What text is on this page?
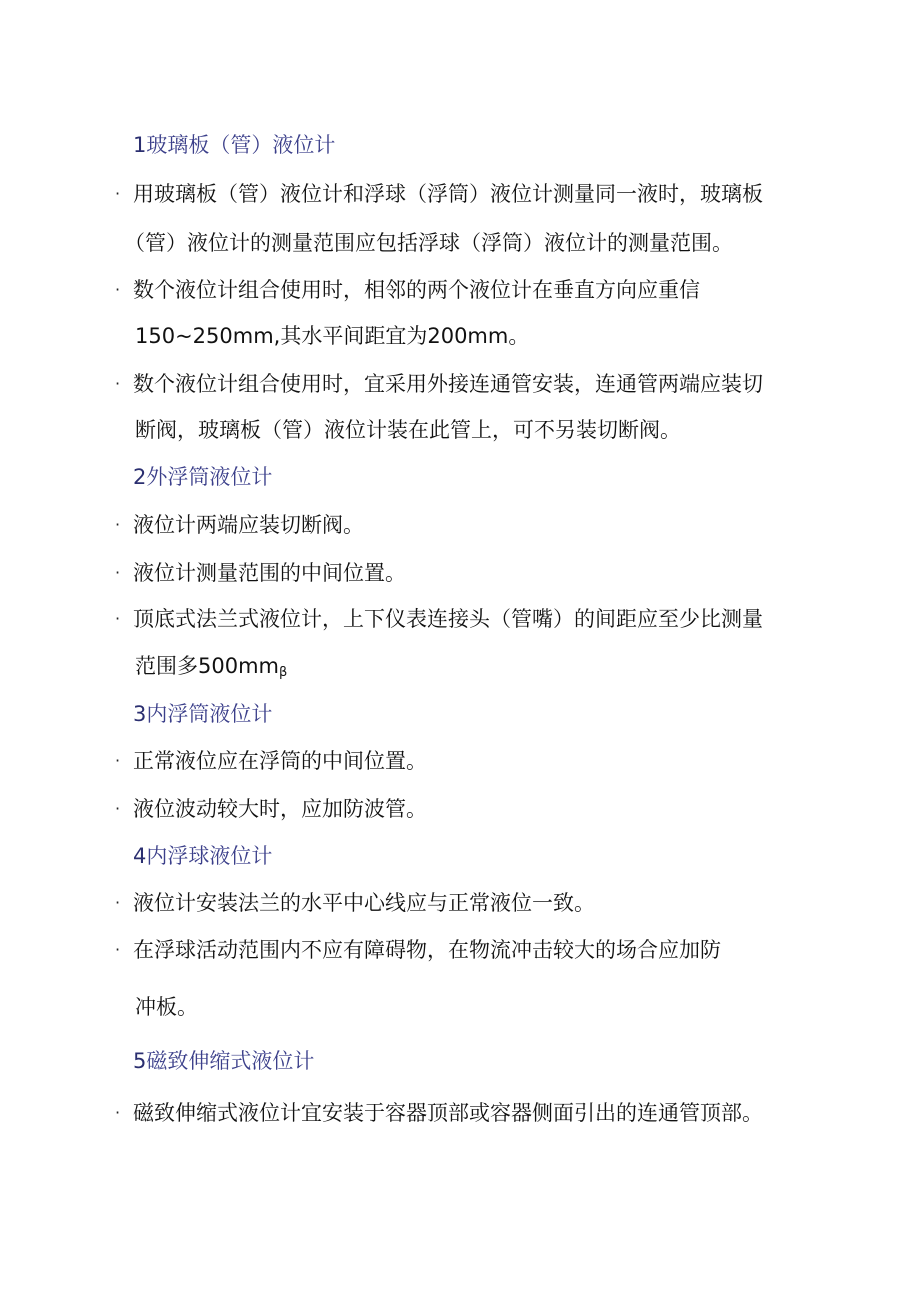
1玻璃板（管）液位计
· 用玻璃板（管）液位计和浮球（浮筒）液位计测量同一液时，玻璃板
（管）液位计的测量范围应包括浮球（浮筒）液位计的测量范围。
· 数个液位计组合使用时，相邻的两个液位计在垂直方向应重信
150~250mm,其水平间距宜为200mm。
· 数个液位计组合使用时，宜采用外接连通管安装，连通管两端应装切
断阀，玻璃板（管）液位计装在此管上，可不另装切断阀。
2外浮筒液位计
· 液位计两端应装切断阀。
· 液位计测量范围的中间位置。
· 顶底式法兰式液位计，上下仪表连接头（管嘴）的间距应至少比测量
范围多$500mm_\beta$
3内浮筒液位计
· 正常液位应在浮筒的中间位置。
· 液位波动较大时，应加防波管。
4内浮球液位计
· 液位计安装法兰的水平中心线应与正常液位一致。
· 在浮球活动范围内不应有障碍物，在物流冲击较大的场合应加防
冲板。
5磁致伸缩式液位计
· 磁致伸缩式液位计宜安装于容器顶部或容器侧面引出的连通管顶部。
